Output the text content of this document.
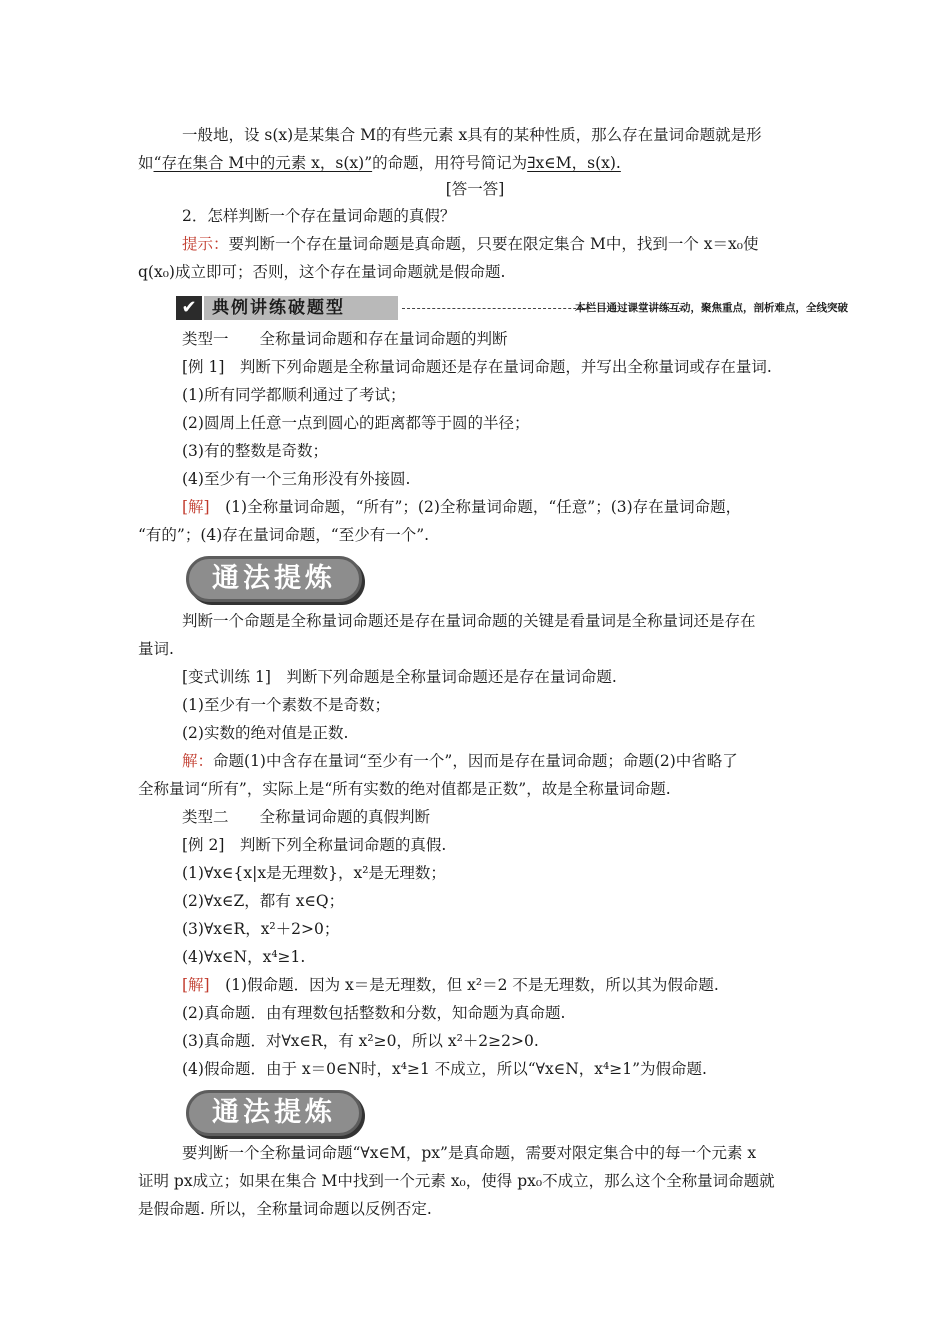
一般地，设 s(x)是某集合 M的有些元素 x具有的某种性质，那么存在量词命题就是形
如“存在集合 M中的元素 x，s(x)”的命题，用符号简记为∃x∈M，s(x).
[答一答]
2．怎样判断一个存在量词命题的真假？
提示：要判断一个存在量词命题是真命题，只要在限定集合 M中，找到一个 x＝x₀使
q(x₀)成立即可；否则，这个存在量词命题就是假命题.
✔ 典例讲练破题型	本栏目通过课堂讲练互动，聚焦重点，剖析难点，全线突破
类型一　　全称量词命题和存在量词命题的判断
[例 1]　判断下列命题是全称量词命题还是存在量词命题，并写出全称量词或存在量词.
(1)所有同学都顺利通过了考试；
(2)圆周上任意一点到圆心的距离都等于圆的半径；
(3)有的整数是奇数；
(4)至少有一个三角形没有外接圆.
[解]　(1)全称量词命题，“所有”；(2)全称量词命题，“任意”；(3)存在量词命题，
“有的”；(4)存在量词命题，“至少有一个”.
通法提炼
判断一个命题是全称量词命题还是存在量词命题的关键是看量词是全称量词还是存在
量词.
[变式训练 1]　判断下列命题是全称量词命题还是存在量词命题.
(1)至少有一个素数不是奇数；
(2)实数的绝对值是正数.
解：命题(1)中含存在量词“至少有一个”，因而是存在量词命题；命题(2)中省略了
全称量词“所有”，实际上是“所有实数的绝对值都是正数”，故是全称量词命题.
类型二　　全称量词命题的真假判断
[例 2]　判断下列全称量词命题的真假.
(1)∀x∈{x|x是无理数}，x²是无理数；
(2)∀x∈Z，都有 x∈Q；
(3)∀x∈R，x²＋2>0；
(4)∀x∈N，x⁴≥1.
[解]　(1)假命题．因为 x＝是无理数，但 x²＝2 不是无理数，所以其为假命题.
(2)真命题．由有理数包括整数和分数，知命题为真命题.
(3)真命题．对∀x∈R，有 x²≥0，所以 x²＋2≥2>0.
(4)假命题．由于 x＝0∈N时，x⁴≥1 不成立，所以“∀x∈N，x⁴≥1”为假命题.
通法提炼
要判断一个全称量词命题“∀x∈M，px”是真命题，需要对限定集合中的每一个元素 x
证明 px成立；如果在集合 M中找到一个元素 x₀，使得 px₀不成立，那么这个全称量词命题就
是假命题. 所以，全称量词命题以反例否定.
